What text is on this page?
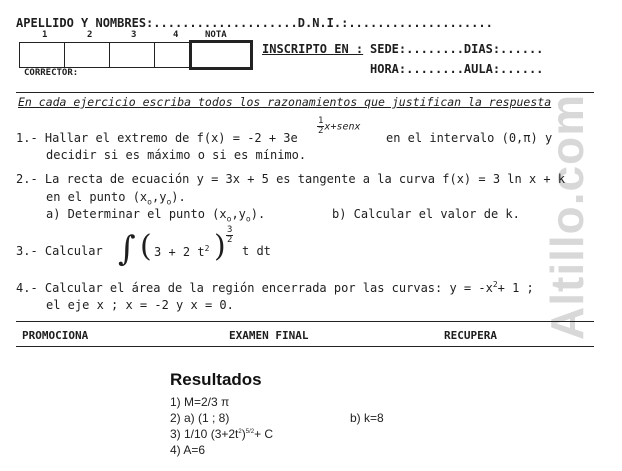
Altillo.com
APELLIDO Y NOMBRES:....................D.N.I.:....................
1	2	3	4	NOTA
CORRECTOR:
INSCRIPTO EN : SEDE:........DIAS:......
HORA:........AULA:......
En cada ejercicio escriba todos los razonamientos que justifican la respuesta
1.- Hallar el extremo de f(x) = -2 + 3e
$\frac{1}{2}$ x+senx
en el intervalo (0,π) y
decidir si es máximo o si es mínimo.
2.- La recta de ecuación y = 3x + 5 es tangente a la curva f(x) = 3 ln x + k
en el punto $(x_o,y_o)$.
a) Determinar el punto $(x_o,y_o)$.	b) Calcular el valor de k.
3.- Calcular ∫ ( 3 + 2 $t^2$ ) $\frac{3}{2}$
t dt
4.- Calcular el área de la región encerrada por las curvas: $y = -x^2+ 1$ ;
el eje x ; x = -2 y x = 0.
PROMOCIONA	EXAMEN FINAL	RECUPERA
Resultados
1) M=2/3 π
2) a) (1 ; 8)	b) k=8
3) 1/10 $(3+2t^2)^{5/2}+ C$
4) A=6
